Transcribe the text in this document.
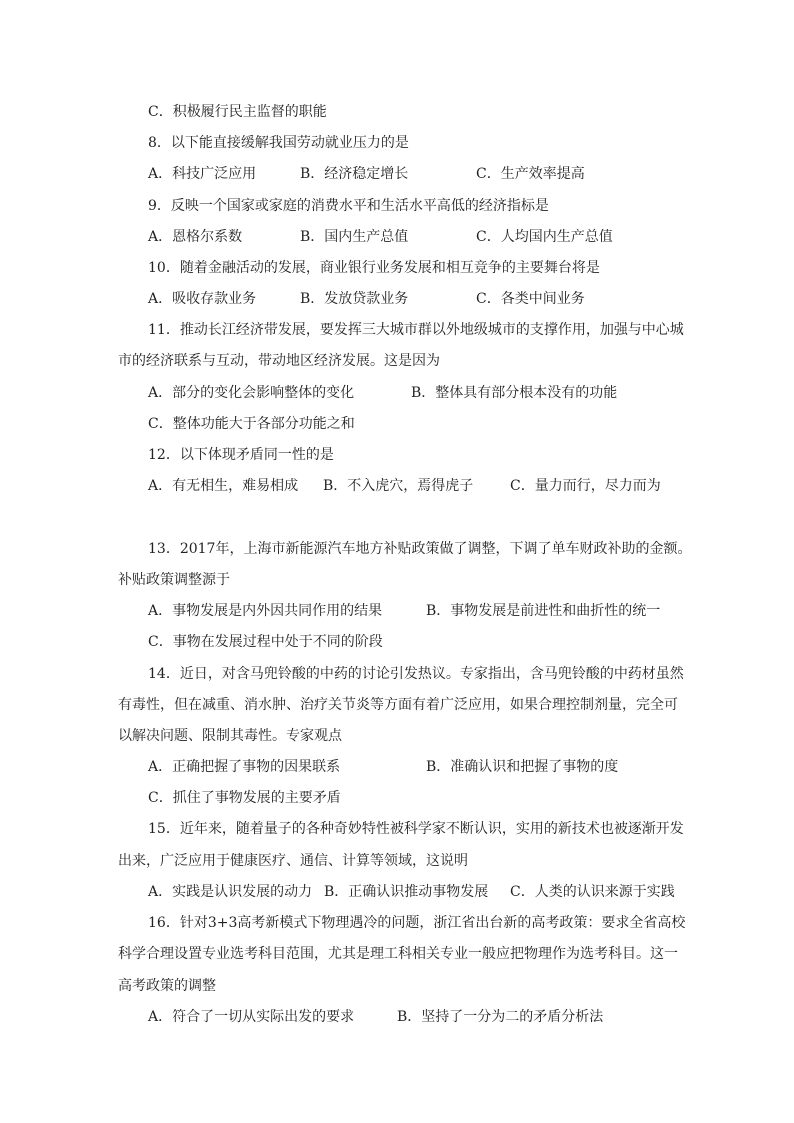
C．积极履行民主监督的职能
8．以下能直接缓解我国劳动就业压力的是
A．科技广泛应用	B．经济稳定增长	C．生产效率提高
9．反映一个国家或家庭的消费水平和生活水平高低的经济指标是
A．恩格尔系数	B．国内生产总值	C．人均国内生产总值
10．随着金融活动的发展，商业银行业务发展和相互竞争的主要舞台将是
A．吸收存款业务	B．发放贷款业务	C．各类中间业务
11．推动长江经济带发展，要发挥三大城市群以外地级城市的支撑作用，加强与中心城
市的经济联系与互动，带动地区经济发展。这是因为
A．部分的变化会影响整体的变化	B．整体具有部分根本没有的功能
C．整体功能大于各部分功能之和
12．以下体现矛盾同一性的是
A．有无相生，难易相成 B．不入虎穴，焉得虎子	C．量力而行，尽力而为
13．2017年，上海市新能源汽车地方补贴政策做了调整，下调了单车财政补助的金额。
补贴政策调整源于
A．事物发展是内外因共同作用的结果	B．事物发展是前进性和曲折性的统一
C．事物在发展过程中处于不同的阶段
14．近日，对含马兜铃酸的中药的讨论引发热议。专家指出，含马兜铃酸的中药材虽然
有毒性，但在减重、消水肿、治疗关节炎等方面有着广泛应用，如果合理控制剂量，完全可
以解决问题、限制其毒性。专家观点
A．正确把握了事物的因果联系	B．准确认识和把握了事物的度
C．抓住了事物发展的主要矛盾
15．近年来，随着量子的各种奇妙特性被科学家不断认识，实用的新技术也被逐渐开发
出来，广泛应用于健康医疗、通信、计算等领域，这说明
A．实践是认识发展的动力 B．正确认识推动事物发展 C．人类的认识来源于实践
16．针对3+3高考新模式下物理遇冷的问题，浙江省出台新的高考政策：要求全省高校
科学合理设置专业选考科目范围，尤其是理工科相关专业一般应把物理作为选考科目。这一
高考政策的调整
A．符合了一切从实际出发的要求	B．坚持了一分为二的矛盾分析法
